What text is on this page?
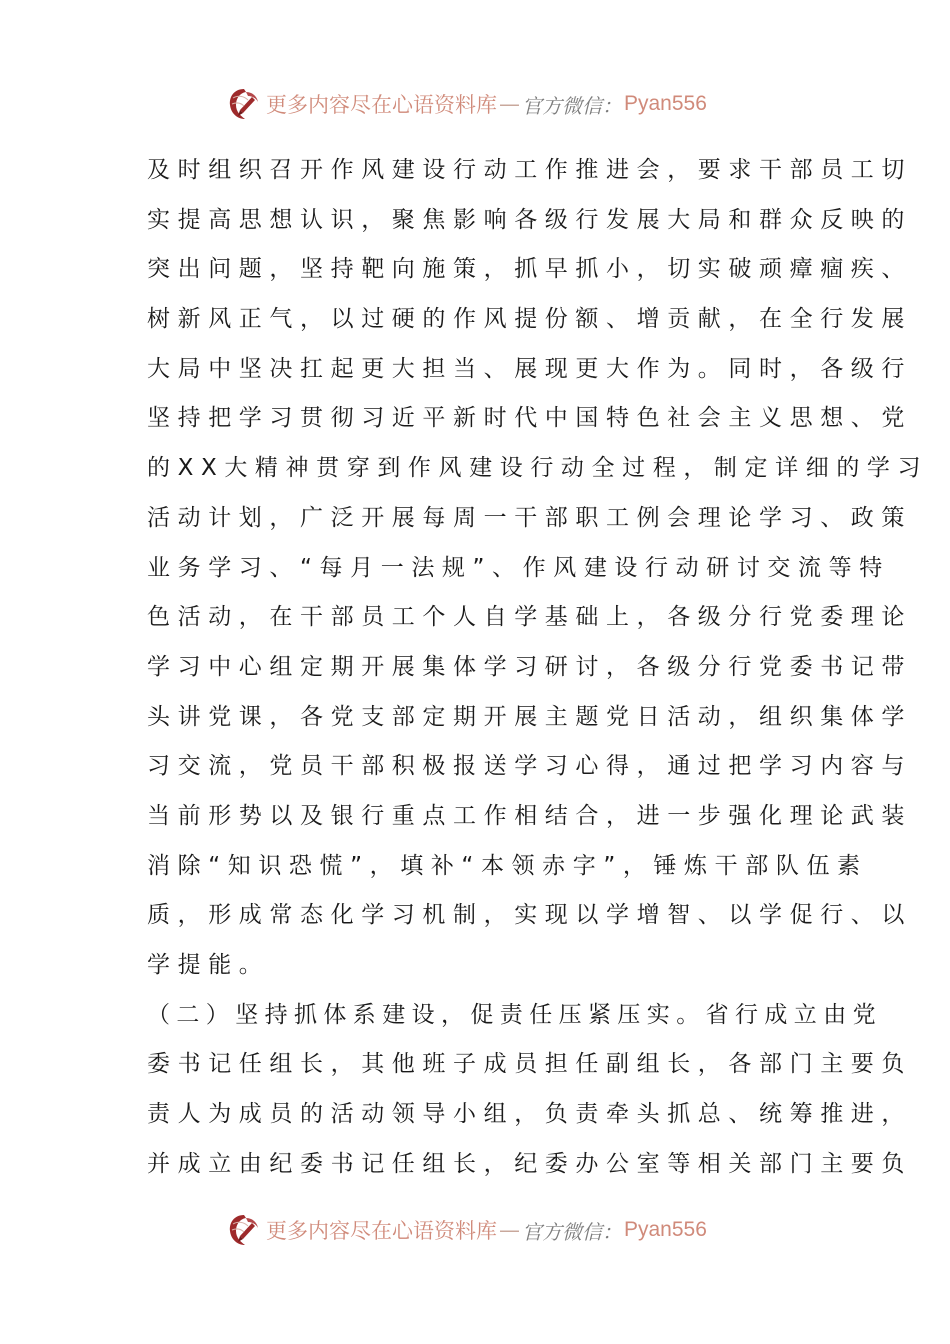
更多内容尽在心语资料库 — 官方微信： Pyan556
及时组织召开作风建设行动工作推进会，要求干部员工切
实提高思想认识，聚焦影响各级行发展大局和群众反映的
突出问题，坚持靶向施策，抓早抓小，切实破顽瘴痼疾、
树新风正气，以过硬的作风提份额、增贡献，在全行发展
大局中坚决扛起更大担当、展现更大作为。同时，各级行
坚持把学习贯彻习近平新时代中国特色社会主义思想、党
的XX大精神贯穿到作风建设行动全过程，制定详细的学习
活动计划，广泛开展每周一干部职工例会理论学习、政策
业务学习、“每月一法规”、作风建设行动研讨交流等特
色活动，在干部员工个人自学基础上，各级分行党委理论
学习中心组定期开展集体学习研讨，各级分行党委书记带
头讲党课，各党支部定期开展主题党日活动，组织集体学
习交流，党员干部积极报送学习心得，通过把学习内容与
当前形势以及银行重点工作相结合，进一步强化理论武装
消除“知识恐慌”，填补“本领赤字”，锤炼干部队伍素
质，形成常态化学习机制，实现以学增智、以学促行、以
学提能。
（二）坚持抓体系建设，促责任压紧压实。省行成立由党
委书记任组长，其他班子成员担任副组长，各部门主要负
责人为成员的活动领导小组，负责牵头抓总、统筹推进，
并成立由纪委书记任组长，纪委办公室等相关部门主要负
更多内容尽在心语资料库 — 官方微信： Pyan556
